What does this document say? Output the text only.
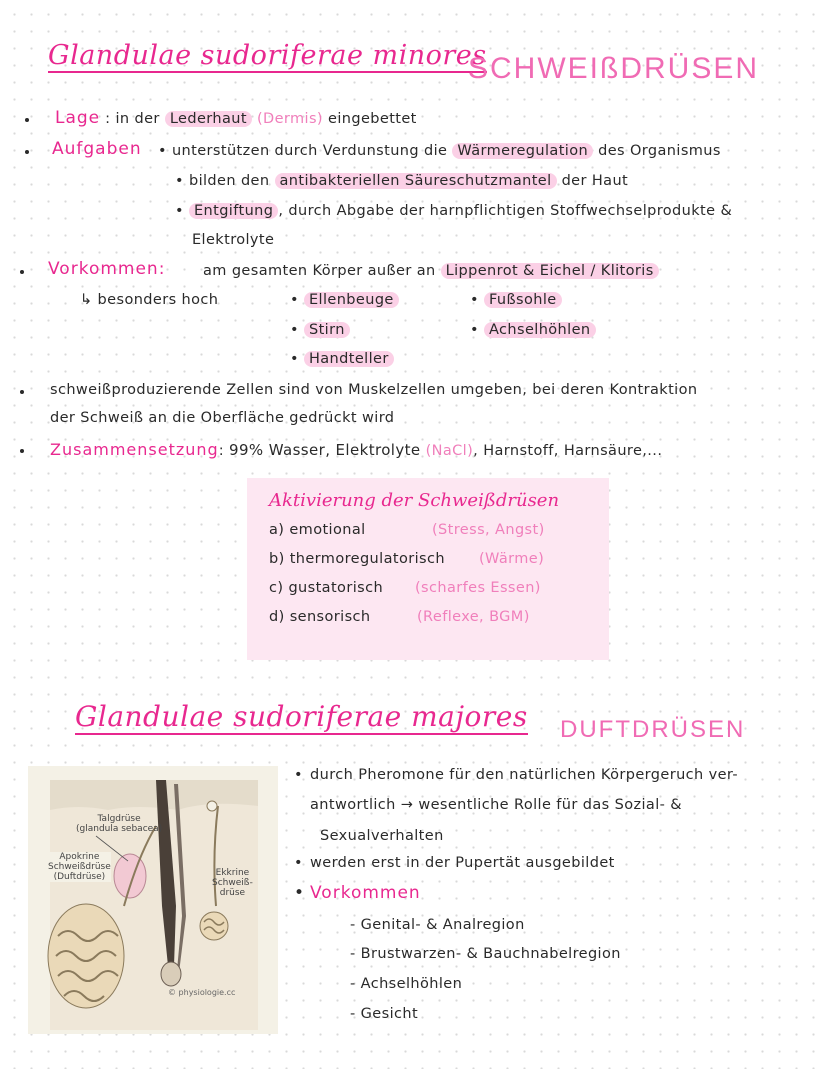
Glandulae sudoriferae minores
SCHWEIßDRÜSEN
Lage : in der Lederhaut (Dermis) eingebettet
Aufgaben • unterstützen durch Verdunstung die Wärmeregulation des Organismus
• bilden den antibakteriellen Säureschutzmantel der Haut
• Entgiftung , durch Abgabe der harnpflichtigen Stoffwechselprodukte &
Elektrolyte
Vorkommen:	am gesamten Körper außer an Lippenrot & Eichel / Klitoris
↳ besonders hoch	• Ellenbeuge
• Stirn
• Handteller
• Fußsohle
• Achselhöhlen
schweißproduzierende Zellen sind von Muskelzellen umgeben, bei deren Kontraktion
der Schweiß an die Oberfläche gedrückt wird
Zusammensetzung: 99% Wasser, Elektrolyte (NaCl), Harnstoff, Harnsäure,...
Aktivierung der Schweißdrüsen
a) emotional	(Stress, Angst)
b) thermoregulatorisch (Wärme)
c) gustatorisch (scharfes Essen)
d) sensorisch	(Reflexe, BGM)
Glandulae sudoriferae majores DUFTDRÜSEN
Talgdrüse
(glandula sebacea)
Apokrine
Schweißdrüse
(Duftdrüse)	Ekkrine
Schweiß-
drüse
© physiologie.cc
• durch Pheromone für den natürlichen Körpergeruch ver-
antwortlich → wesentliche Rolle für das Sozial- &
Sexualverhalten
• werden erst in der Pupertät ausgebildet
• Vorkommen
- Genital- & Analregion
- Brustwarzen- & Bauchnabelregion
- Achselhöhlen
- Gesicht
